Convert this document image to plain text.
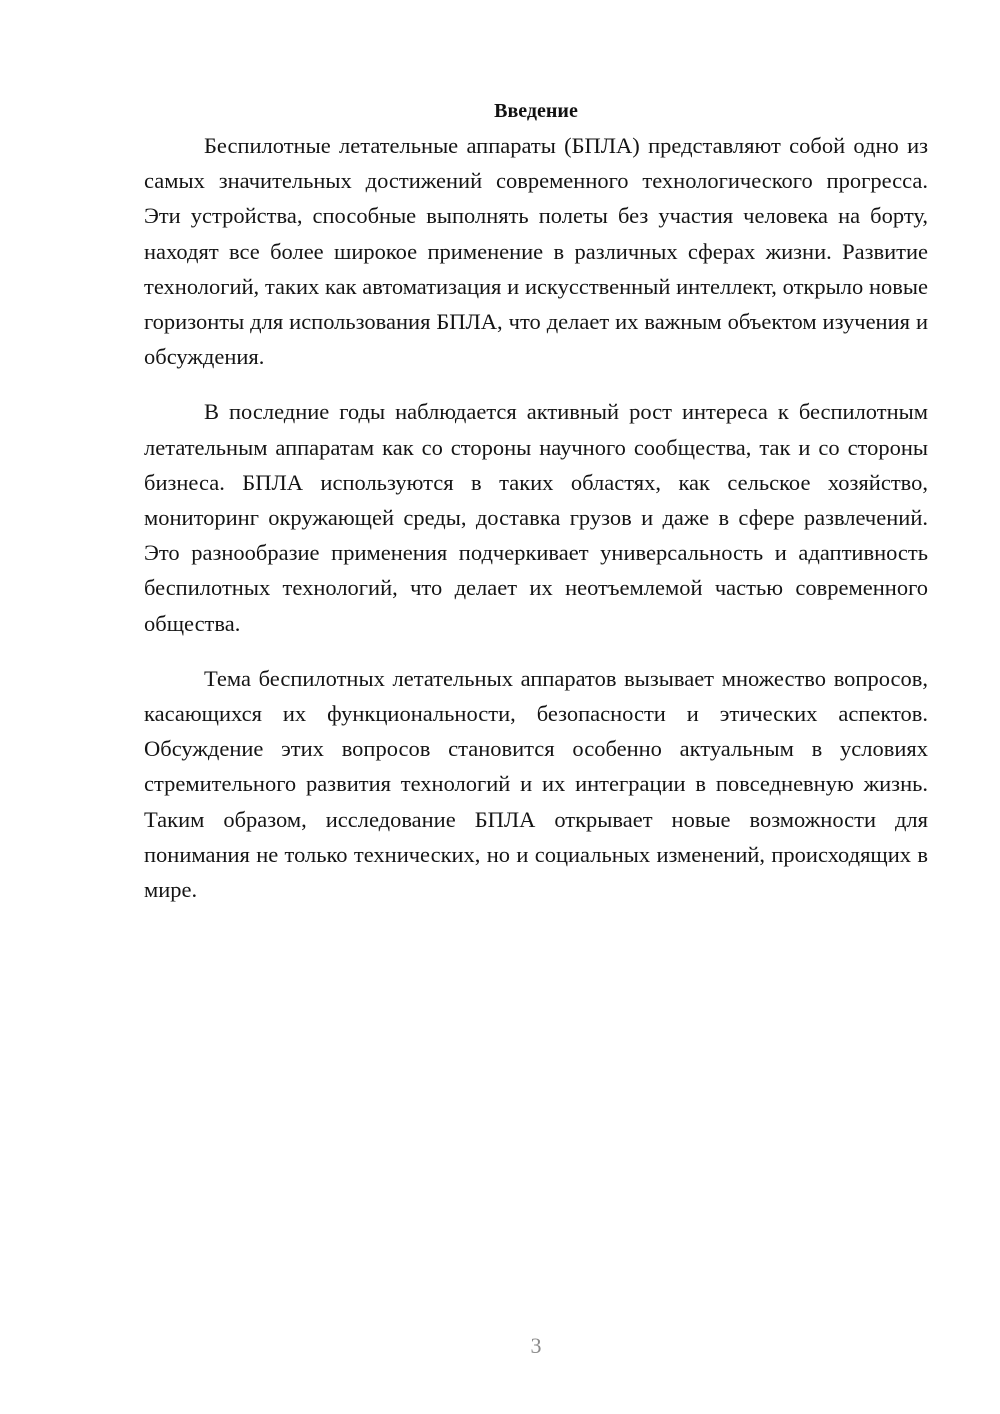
Введение

Беспилотные летательные аппараты (БПЛА) представляют собой одно из самых значительных достижений современного технологического прогресса. Эти устройства, способные выполнять полеты без участия человека на борту, находят все более широкое применение в различных сферах жизни. Развитие технологий, таких как автоматизация и искусственный интеллект, открыло новые горизонты для использования БПЛА, что делает их важным объектом изучения и обсуждения.

В последние годы наблюдается активный рост интереса к беспилотным летательным аппаратам как со стороны научного сообщества, так и со стороны бизнеса. БПЛА используются в таких областях, как сельское хозяйство, мониторинг окружающей среды, доставка грузов и даже в сфере развлечений. Это разнообразие применения подчеркивает универсальность и адаптивность беспилотных технологий, что делает их неотъемлемой частью современного общества.

Тема беспилотных летательных аппаратов вызывает множество вопросов, касающихся их функциональности, безопасности и этических аспектов. Обсуждение этих вопросов становится особенно актуальным в условиях стремительного развития технологий и их интеграции в повседневную жизнь. Таким образом, исследование БПЛА открывает новые возможности для понимания не только технических, но и социальных изменений, происходящих в мире.

3
